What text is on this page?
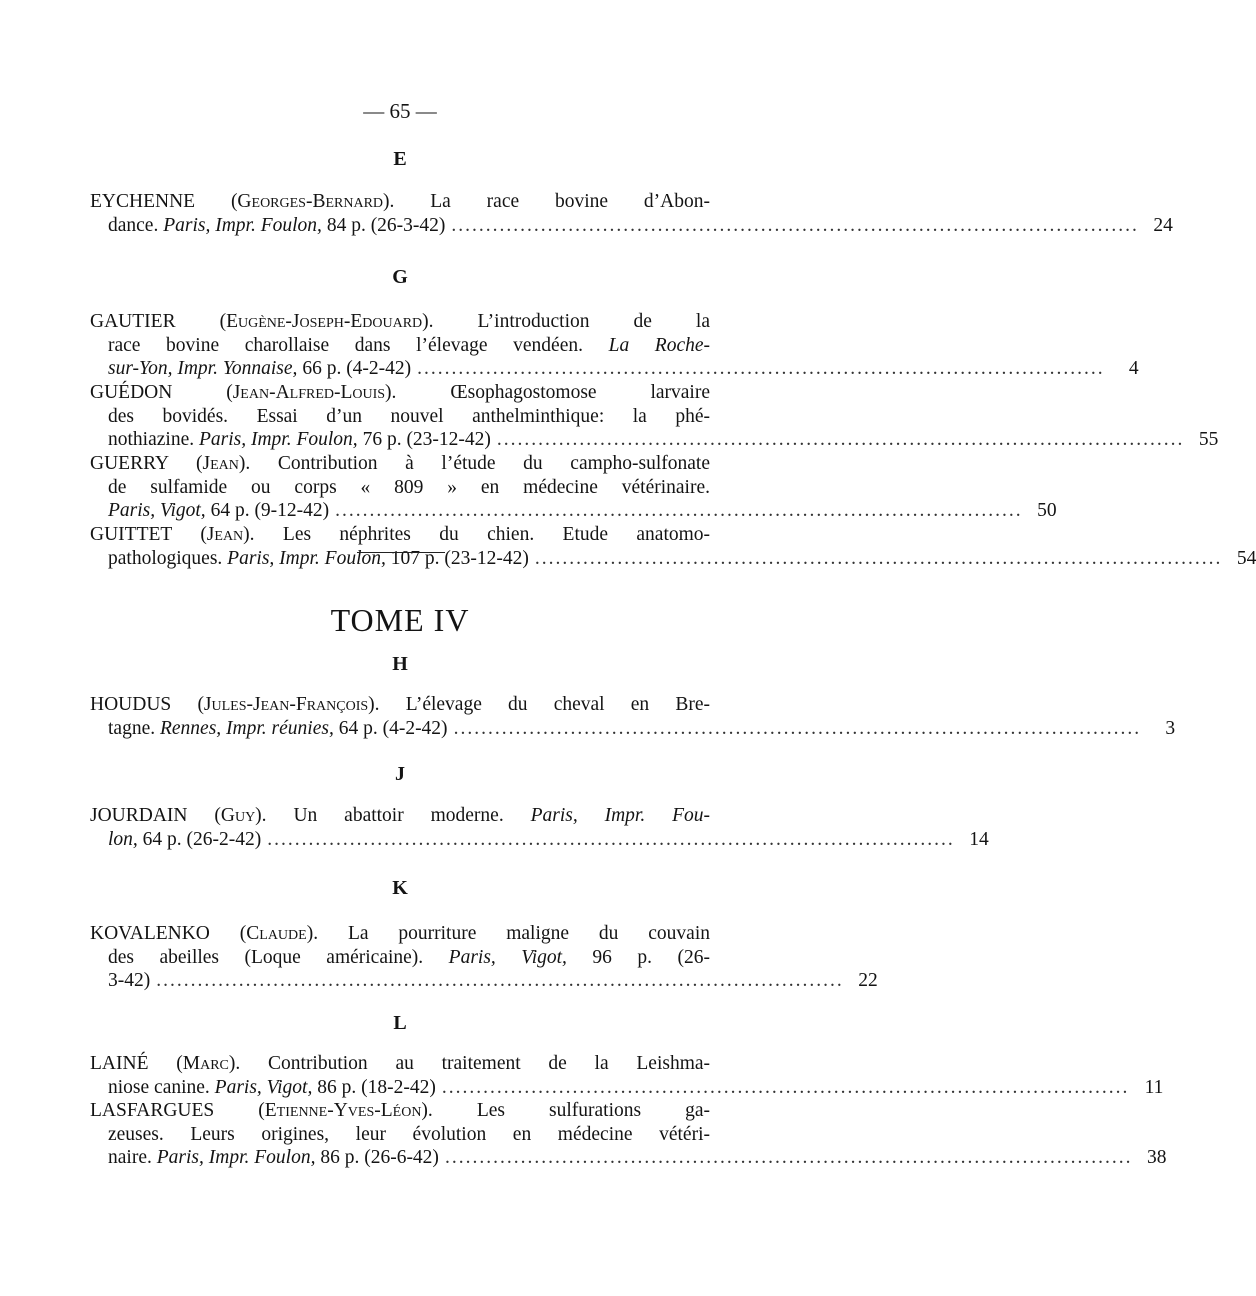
— 65 —
E
EYCHENNE (Georges-Bernard). La race bovine d’Abon-
dance. Paris, Impr. Foulon, 84 p. (26-3-42) .................................................................................................... 24
G
GAUTIER (Eugène-Joseph-Edouard). L’introduction de la
race bovine charollaise dans l’élevage vendéen. La Roche-
sur-Yon, Impr. Yonnaise, 66 p. (4-2-42) ....................................................................................................	4
GUÉDON	(Jean-Alfred-Louis).	Œsophagostomose larvaire
des bovidés. Essai d’un nouvel anthelminthique: la phé-
nothiazine. Paris, Impr. Foulon, 76 p. (23-12-42) .................................................................................................... 55
GUERRY (Jean). Contribution à l’étude du campho-sulfonate
de sulfamide ou corps « 809 » en médecine vétérinaire.
Paris, Vigot, 64 p. (9-12-42) .................................................................................................... 50
GUITTET (Jean). Les néphrites du chien. Etude anatomo-
pathologiques. Paris, Impr. Foulon, 107 p. (23-12-42) .................................................................................................... 54
TOME IV
H
HOUDUS (Jules-Jean-François). L’élevage du cheval en Bre-
tagne. Rennes, Impr. réunies, 64 p. (4-2-42) ....................................................................................................	3
J
JOURDAIN (Guy). Un abattoir moderne. Paris, Impr. Fou-
lon, 64 p. (26-2-42) .................................................................................................... 14
K
KOVALENKO (Claude). La pourriture maligne du couvain
des abeilles (Loque américaine). Paris, Vigot, 96 p. (26-
3-42) .................................................................................................... 22
L
LAINÉ (Marc). Contribution au traitement de la Leishma-
niose canine. Paris, Vigot, 86 p. (18-2-42) .................................................................................................... 11
LASFARGUES (Etienne-Yves-Léon). Les sulfurations ga-
zeuses. Leurs origines, leur évolution en médecine vétéri-
naire. Paris, Impr. Foulon, 86 p. (26-6-42) .................................................................................................... 38
